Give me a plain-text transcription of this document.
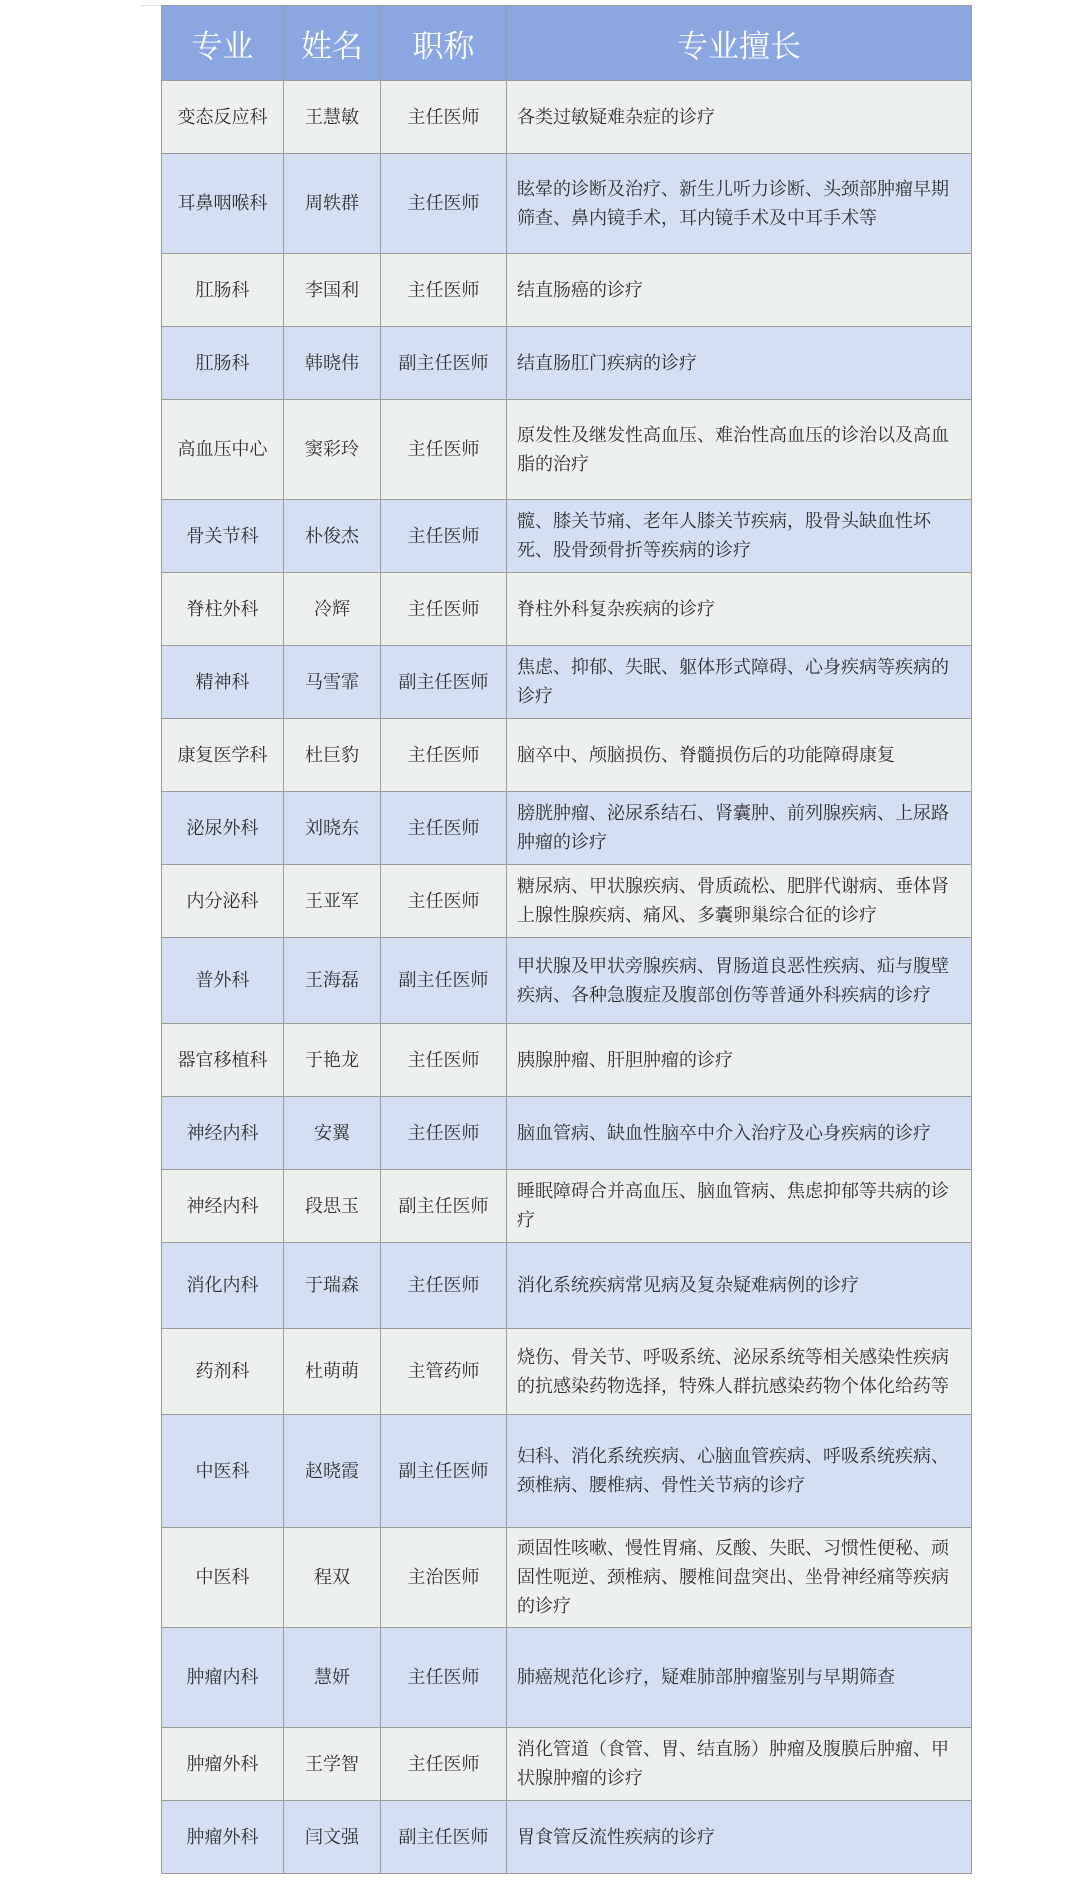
专业	姓名	职称	专业擅长
变态反应科	王慧敏	主任医师	各类过敏疑难杂症的诊疗
耳鼻咽喉科	周轶群	主任医师	眩晕的诊断及治疗、新生儿听力诊断、头颈部肿瘤早期筛查、鼻内镜手术，耳内镜手术及中耳手术等
肛肠科	李国利	主任医师	结直肠癌的诊疗
肛肠科	韩晓伟	副主任医师	结直肠肛门疾病的诊疗
高血压中心	窦彩玲	主任医师	原发性及继发性高血压、难治性高血压的诊治以及高血脂的治疗
骨关节科	朴俊杰	主任医师	髋、膝关节痛、老年人膝关节疾病，股骨头缺血性坏死、股骨颈骨折等疾病的诊疗
脊柱外科	冷辉	主任医师	脊柱外科复杂疾病的诊疗
精神科	马雪霏	副主任医师	焦虑、抑郁、失眠、躯体形式障碍、心身疾病等疾病的诊疗
康复医学科	杜巨豹	主任医师	脑卒中、颅脑损伤、脊髓损伤后的功能障碍康复
泌尿外科	刘晓东	主任医师	膀胱肿瘤、泌尿系结石、肾囊肿、前列腺疾病、上尿路肿瘤的诊疗
内分泌科	王亚军	主任医师	糖尿病、甲状腺疾病、骨质疏松、肥胖代谢病、垂体肾上腺性腺疾病、痛风、多囊卵巢综合征的诊疗
普外科	王海磊	副主任医师	甲状腺及甲状旁腺疾病、胃肠道良恶性疾病、疝与腹壁疾病、各种急腹症及腹部创伤等普通外科疾病的诊疗
器官移植科	于艳龙	主任医师	胰腺肿瘤、肝胆肿瘤的诊疗
神经内科	安翼	主任医师	脑血管病、缺血性脑卒中介入治疗及心身疾病的诊疗
神经内科	段思玉	副主任医师	睡眠障碍合并高血压、脑血管病、焦虑抑郁等共病的诊疗
消化内科	于瑞森	主任医师	消化系统疾病常见病及复杂疑难病例的诊疗
药剂科	杜萌萌	主管药师	烧伤、骨关节、呼吸系统、泌尿系统等相关感染性疾病的抗感染药物选择，特殊人群抗感染药物个体化给药等
中医科	赵晓霞	副主任医师	妇科、消化系统疾病、心脑血管疾病、呼吸系统疾病、颈椎病、腰椎病、骨性关节病的诊疗
中医科	程双	主治医师	顽固性咳嗽、慢性胃痛、反酸、失眠、习惯性便秘、顽固性呃逆、颈椎病、腰椎间盘突出、坐骨神经痛等疾病的诊疗
肿瘤内科	慧妍	主任医师	肺癌规范化诊疗，疑难肺部肿瘤鉴别与早期筛查
肿瘤外科	王学智	主任医师	消化管道（食管、胃、结直肠）肿瘤及腹膜后肿瘤、甲状腺肿瘤的诊疗
肿瘤外科	闫文强	副主任医师	胃食管反流性疾病的诊疗
